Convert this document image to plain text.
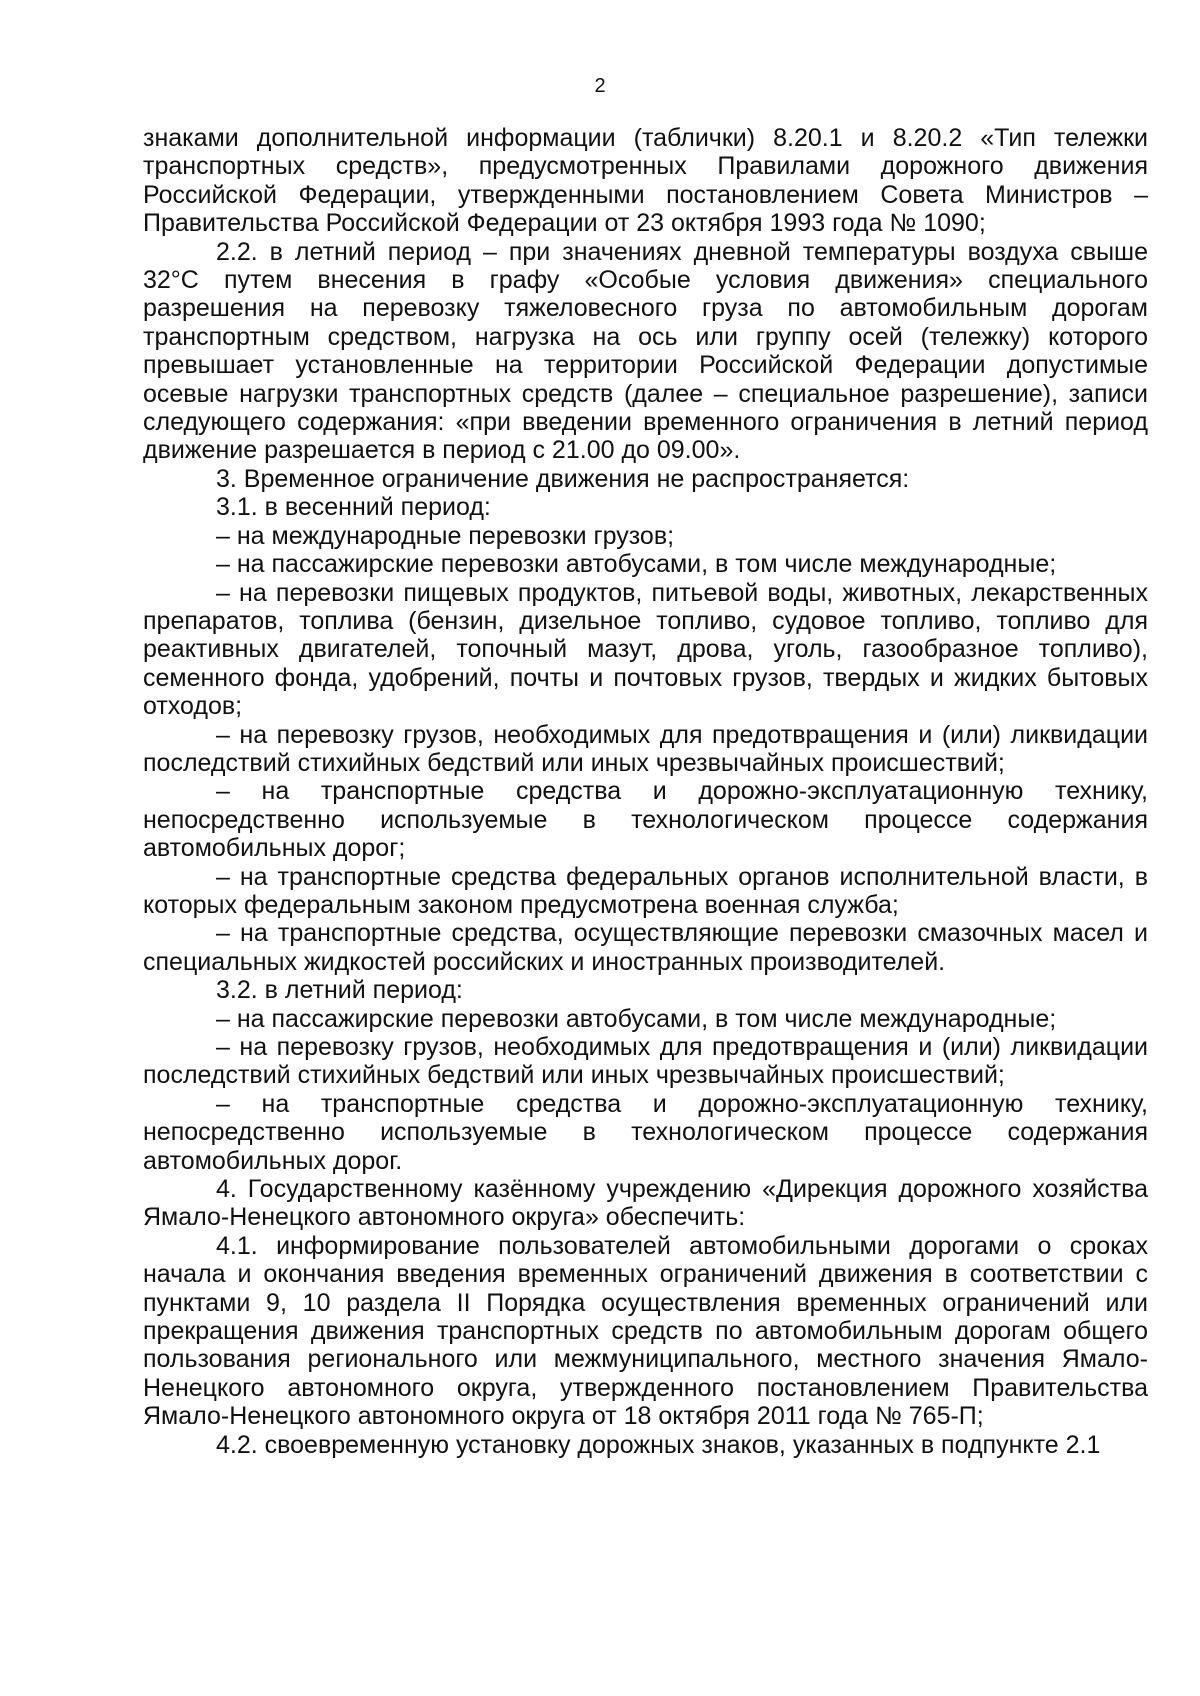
2

знаками дополнительной информации (таблички) 8.20.1 и 8.20.2 «Тип тележки транспортных средств», предусмотренных Правилами дорожного движения Российской Федерации, утвержденными постановлением Совета Министров – Правительства Российской Федерации от 23 октября 1993 года № 1090;

2.2. в летний период – при значениях дневной температуры воздуха свыше 32°C путем внесения в графу «Особые условия движения» специального разрешения на перевозку тяжеловесного груза по автомобильным дорогам транспортным средством, нагрузка на ось или группу осей (тележку) которого превышает установленные на территории Российской Федерации допустимые осевые нагрузки транспортных средств (далее – специальное разрешение), записи следующего содержания: «при введении временного ограничения в летний период движение разрешается в период с 21.00 до 09.00».

3. Временное ограничение движения не распространяется:

3.1. в весенний период:

– на международные перевозки грузов;

– на пассажирские перевозки автобусами, в том числе международные;

– на перевозки пищевых продуктов, питьевой воды, животных, лекарственных препаратов, топлива (бензин, дизельное топливо, судовое топливо, топливо для реактивных двигателей, топочный мазут, дрова, уголь, газообразное топливо), семенного фонда, удобрений, почты и почтовых грузов, твердых и жидких бытовых отходов;

– на перевозку грузов, необходимых для предотвращения и (или) ликвидации последствий стихийных бедствий или иных чрезвычайных происшествий;

– на транспортные средства и дорожно-эксплуатационную технику, непосредственно используемые в технологическом процессе содержания автомобильных дорог;

– на транспортные средства федеральных органов исполнительной власти, в которых федеральным законом предусмотрена военная служба;

– на транспортные средства, осуществляющие перевозки смазочных масел и специальных жидкостей российских и иностранных производителей.

3.2. в летний период:

– на пассажирские перевозки автобусами, в том числе международные;

– на перевозку грузов, необходимых для предотвращения и (или) ликвидации последствий стихийных бедствий или иных чрезвычайных происшествий;

– на транспортные средства и дорожно-эксплуатационную технику, непосредственно используемые в технологическом процессе содержания автомобильных дорог.

4. Государственному казённому учреждению «Дирекция дорожного хозяйства Ямало-Ненецкого автономного округа» обеспечить:

4.1. информирование пользователей автомобильными дорогами о сроках начала и окончания введения временных ограничений движения в соответствии с пунктами 9, 10 раздела II Порядка осуществления временных ограничений или прекращения движения транспортных средств по автомобильным дорогам общего пользования регионального или межмуниципального, местного значения Ямало-Ненецкого автономного округа, утвержденного постановлением Правительства Ямало-Ненецкого автономного округа от 18 октября 2011 года № 765-П;

4.2. своевременную установку дорожных знаков, указанных в подпункте 2.1
